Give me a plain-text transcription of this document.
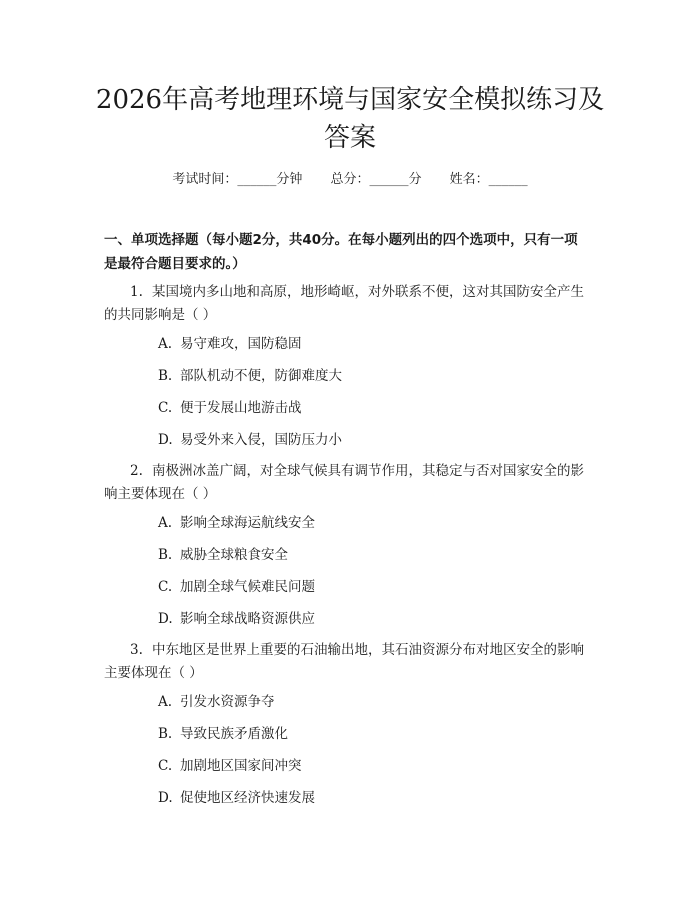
2026年高考地理环境与国家安全模拟练习及
答案
考试时间：______分钟 总分：______分 姓名：______
一、单项选择题（每小题2分，共40分。在每小题列出的四个选项中，只有一项
是最符合题目要求的。）
1. 某国境内多山地和高原，地形崎岖，对外联系不便，这对其国防安全产生
的共同影响是（ ）
A. 易守难攻，国防稳固
B. 部队机动不便，防御难度大
C. 便于发展山地游击战
D. 易受外来入侵，国防压力小
2. 南极洲冰盖广阔，对全球气候具有调节作用，其稳定与否对国家安全的影
响主要体现在（ ）
A. 影响全球海运航线安全
B. 威胁全球粮食安全
C. 加剧全球气候难民问题
D. 影响全球战略资源供应
3. 中东地区是世界上重要的石油输出地，其石油资源分布对地区安全的影响
主要体现在（ ）
A. 引发水资源争夺
B. 导致民族矛盾激化
C. 加剧地区国家间冲突
D. 促使地区经济快速发展
